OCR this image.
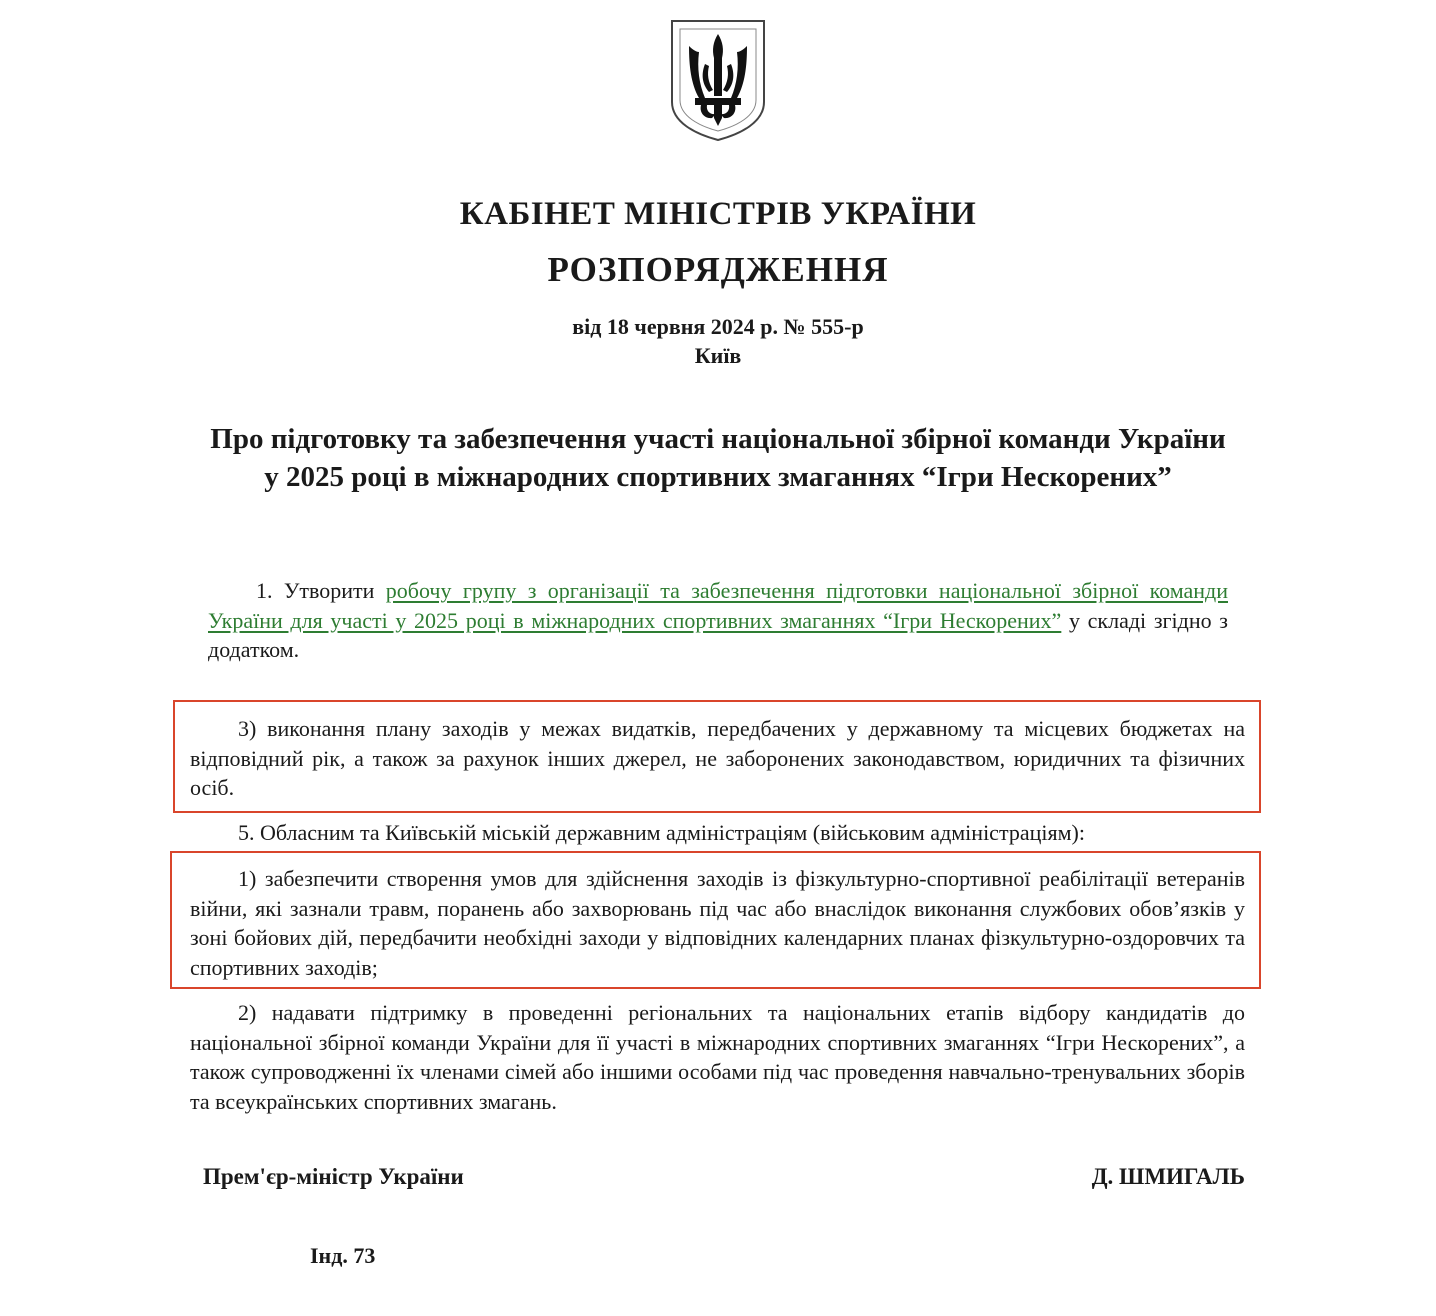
КАБІНЕТ МІНІСТРІВ УКРАЇНИ
РОЗПОРЯДЖЕННЯ
від 18 червня 2024 р. № 555-р
Київ
Про підготовку та забезпечення участі національної збірної команди України у 2025 році в міжнародних спортивних змаганнях “Ігри Нескорених”

1. Утворити робочу групу з організації та забезпечення підготовки національної збірної команди України для участі у 2025 році в міжнародних спортивних змаганнях “Ігри Нескорених” у складі згідно з додатком.

3) виконання плану заходів у межах видатків, передбачених у державному та місцевих бюджетах на відповідний рік, а також за рахунок інших джерел, не заборонених законодавством, юридичних та фізичних осіб.

5. Обласним та Київській міській державним адміністраціям (військовим адміністраціям):

1) забезпечити створення умов для здійснення заходів із фізкультурно-спортивної реабілітації ветеранів війни, які зазнали травм, поранень або захворювань під час або внаслідок виконання службових обов’язків у зоні бойових дій, передбачити необхідні заходи у відповідних календарних планах фізкультурно-оздоровчих та спортивних заходів;

2) надавати підтримку в проведенні регіональних та національних етапів відбору кандидатів до національної збірної команди України для її участі в міжнародних спортивних змаганнях “Ігри Нескорених”, а також супроводженні їх членами сімей або іншими особами під час проведення навчально-тренувальних зборів та всеукраїнських спортивних змагань.

Прем'єр-міністр України	Д. ШМИГАЛЬ
Інд. 73
